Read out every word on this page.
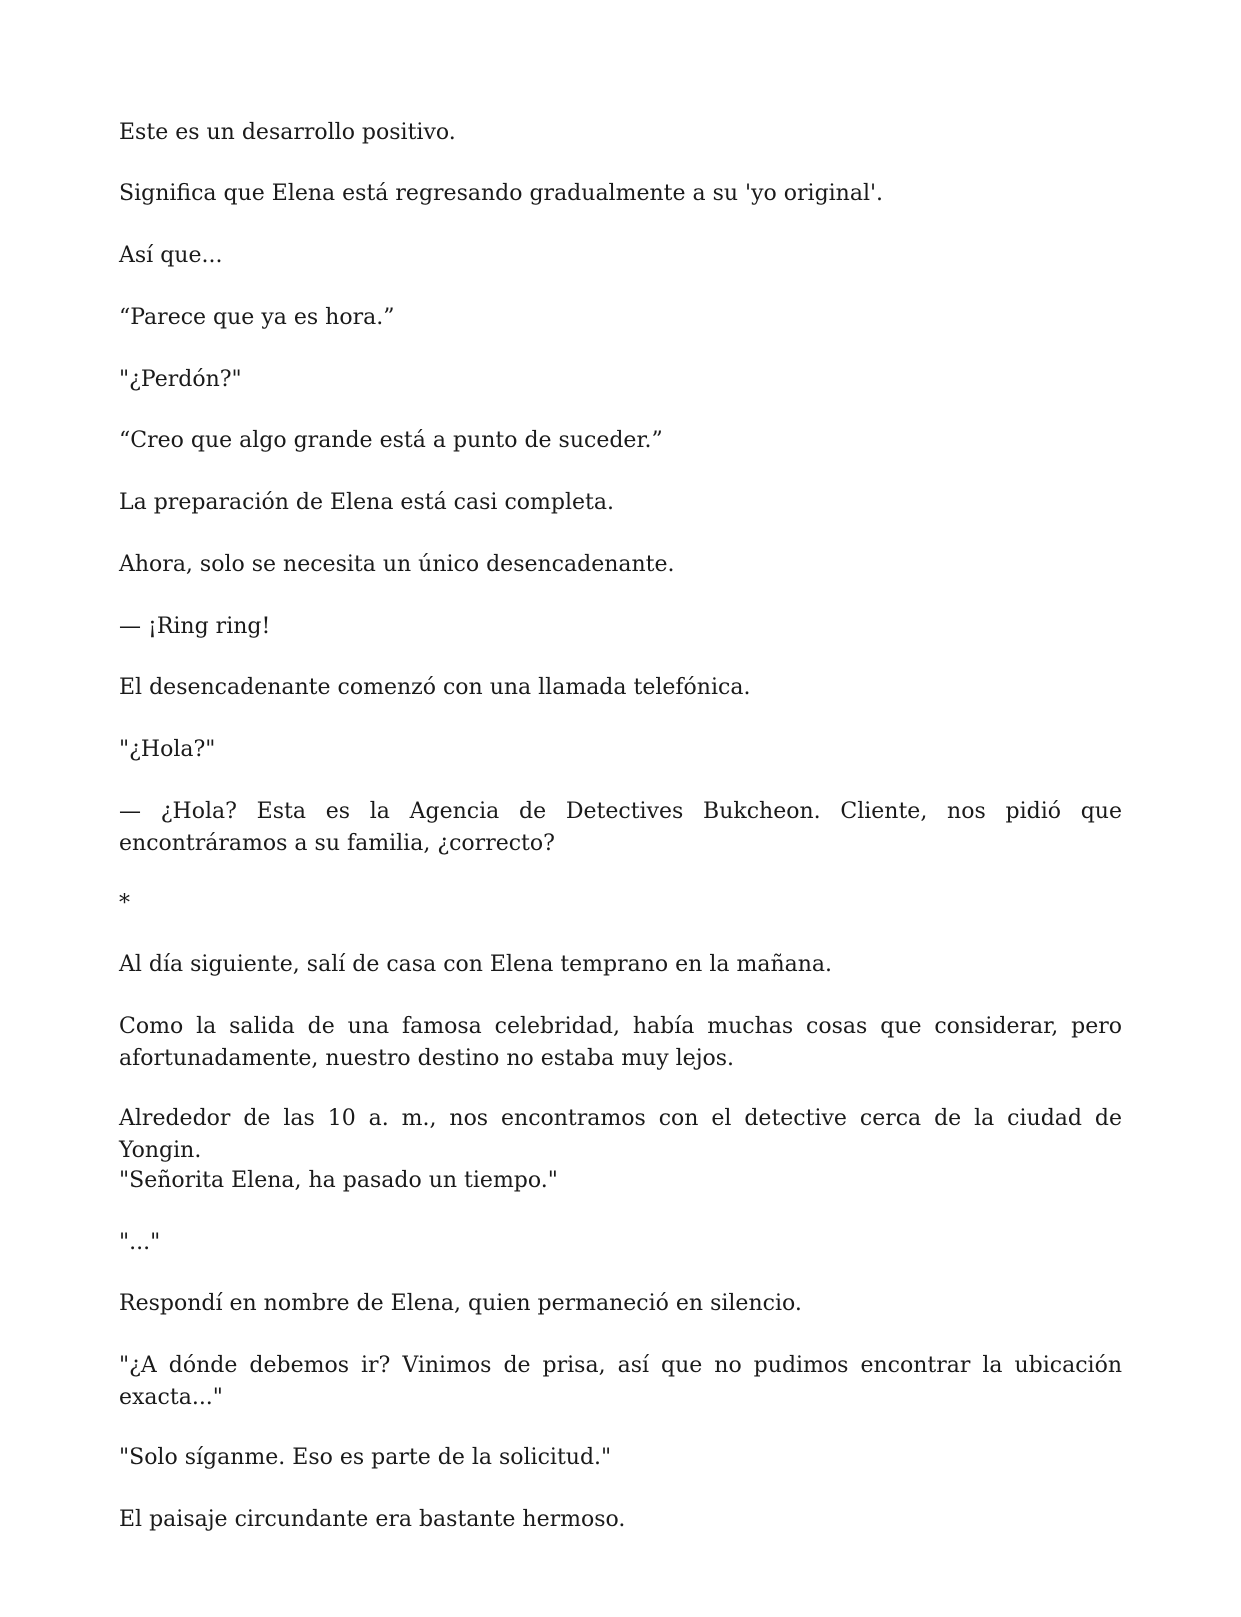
Este es un desarrollo positivo.

Significa que Elena está regresando gradualmente a su 'yo original'.

Así que...

“Parece que ya es hora.”

"¿Perdón?"

“Creo que algo grande está a punto de suceder.”

La preparación de Elena está casi completa.

Ahora, solo se necesita un único desencadenante.

— ¡Ring ring!

El desencadenante comenzó con una llamada telefónica.

"¿Hola?"

— ¿Hola? Esta es la Agencia de Detectives Bukcheon. Cliente, nos pidió que encontráramos a su familia, ¿correcto?

*

Al día siguiente, salí de casa con Elena temprano en la mañana.

Como la salida de una famosa celebridad, había muchas cosas que considerar, pero afortunadamente, nuestro destino no estaba muy lejos.

Alrededor de las 10 a. m., nos encontramos con el detective cerca de la ciudad de Yongin.

"Señorita Elena, ha pasado un tiempo."

"..."

Respondí en nombre de Elena, quien permaneció en silencio.

"¿A dónde debemos ir? Vinimos de prisa, así que no pudimos encontrar la ubicación exacta..."

"Solo síganme. Eso es parte de la solicitud."

El paisaje circundante era bastante hermoso.
